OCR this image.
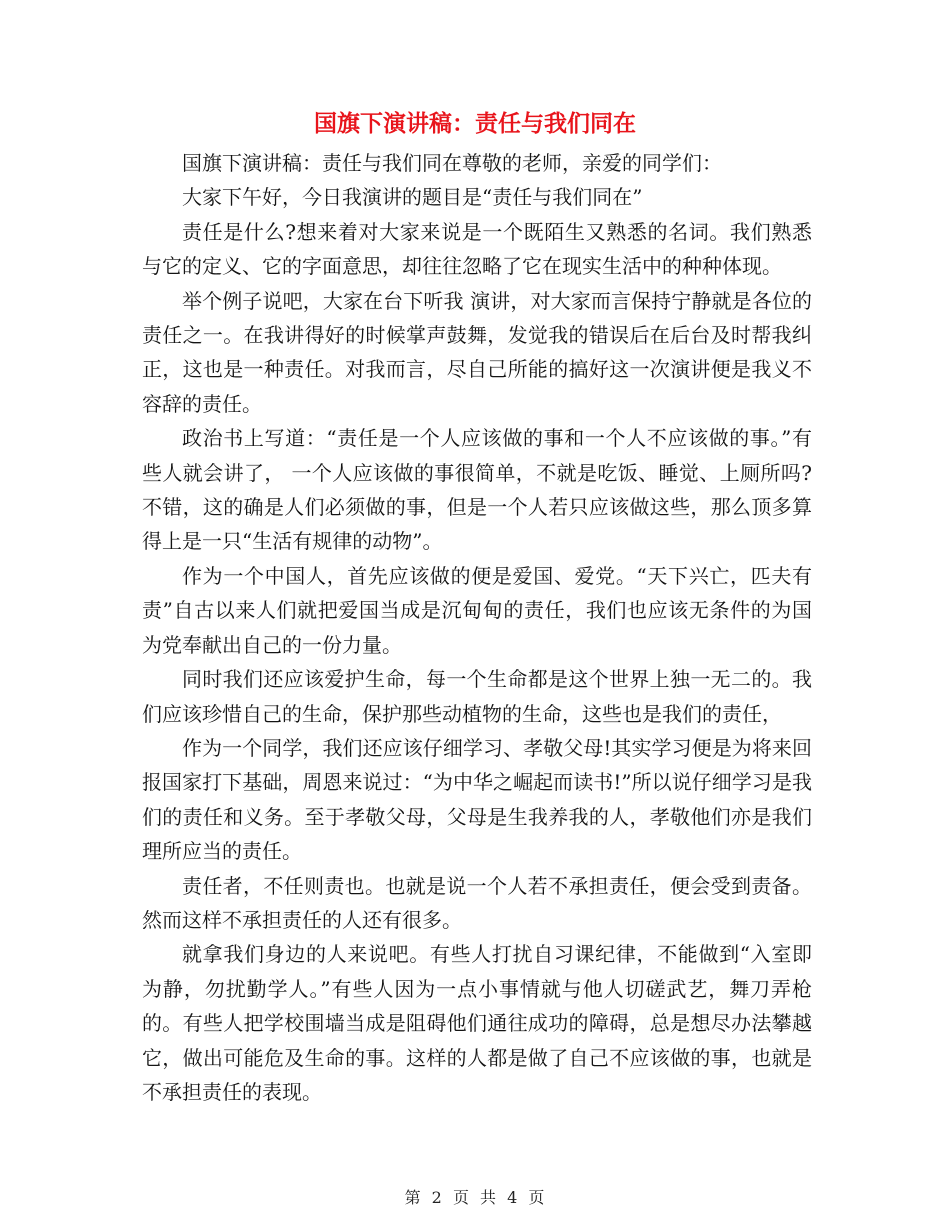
国旗下演讲稿：责任与我们同在

国旗下演讲稿：责任与我们同在尊敬的老师，亲爱的同学们：

大家下午好，今日我演讲的题目是“责任与我们同在”

责任是什么?想来着对大家来说是一个既陌生又熟悉的名词。我们熟悉与它的定义、它的字面意思，却往往忽略了它在现实生活中的种种体现。

举个例子说吧，大家在台下听我 演讲，对大家而言保持宁静就是各位的责任之一。在我讲得好的时候掌声鼓舞，发觉我的错误后在后台及时帮我纠正，这也是一种责任。对我而言，尽自己所能的搞好这一次演讲便是我义不容辞的责任。

政治书上写道：“责任是一个人应该做的事和一个人不应该做的事。”有些人就会讲了， 一个人应该做的事很简单，不就是吃饭、睡觉、上厕所吗?不错，这的确是人们必须做的事，但是一个人若只应该做这些，那么顶多算得上是一只“生活有规律的动物”。

作为一个中国人，首先应该做的便是爱国、爱党。“天下兴亡，匹夫有责”自古以来人们就把爱国当成是沉甸甸的责任，我们也应该无条件的为国为党奉献出自己的一份力量。

同时我们还应该爱护生命，每一个生命都是这个世界上独一无二的。我们应该珍惜自己的生命，保护那些动植物的生命，这些也是我们的责任，

作为一个同学，我们还应该仔细学习、孝敬父母!其实学习便是为将来回报国家打下基础，周恩来说过：“为中华之崛起而读书!”所以说仔细学习是我们的责任和义务。至于孝敬父母，父母是生我养我的人，孝敬他们亦是我们理所应当的责任。

责任者，不任则责也。也就是说一个人若不承担责任，便会受到责备。然而这样不承担责任的人还有很多。

就拿我们身边的人来说吧。有些人打扰自习课纪律，不能做到“入室即为静，勿扰勤学人。”有些人因为一点小事情就与他人切磋武艺，舞刀弄枪的。有些人把学校围墙当成是阻碍他们通往成功的障碍，总是想尽办法攀越它，做出可能危及生命的事。这样的人都是做了自己不应该做的事，也就是不承担责任的表现。

第 2 页 共 4 页
